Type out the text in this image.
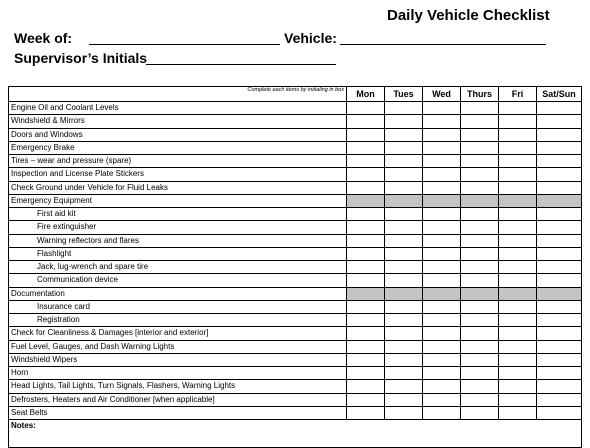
Daily Vehicle Checklist
Week of:	Vehicle:
Supervisor’s Initials
Complete each items by initialing in box	Mon	Tues	Wed	Thurs	Fri	Sat/Sun
Engine Oil and Coolant Levels						
Windshield & Mirrors						
Doors and Windows						
Emergency Brake						
Tires – wear and pressure (spare)						
Inspection and License Plate Stickers						
Check Ground under Vehicle for Fluid Leaks						
Emergency Equipment						
First aid kit						
Fire extinguisher						
Warning reflectors and flares						
Flashlight						
Jack, lug-wrench and spare tire						
Communication device						
Documentation						
Insurance card						
Registration						
Check for Cleanliness & Damages [interior and exterior]						
Fuel Level, Gauges, and Dash Warning Lights						
Windshield Wipers						
Horn						
Head Lights, Tail Lights, Turn Signals, Flashers, Warning Lights						
Defrosters, Heaters and Air Conditioner [when applicable]						
Seat Belts						
Notes:						
